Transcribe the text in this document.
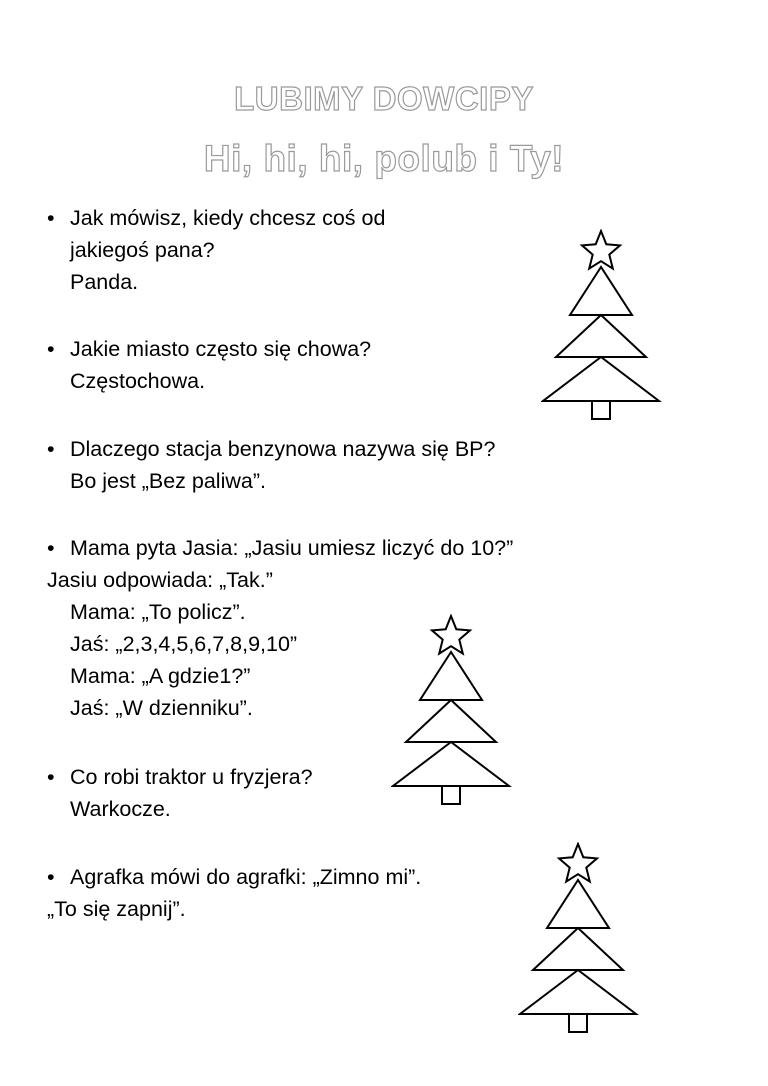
LUBIMY DOWCIPY
Hi, hi, hi, polub i Ty!
• Jak mówisz, kiedy chcesz coś od
jakiegoś pana?
Panda.
• Jakie miasto często się chowa?
Częstochowa.
• Dlaczego stacja benzynowa nazywa się BP?
Bo jest „Bez paliwa”.
• Mama pyta Jasia: „Jasiu umiesz liczyć do 10?”
Jasiu odpowiada: „Tak.”
Mama: „To policz”.
Jaś: „2,3,4,5,6,7,8,9,10”
Mama: „A gdzie1?”
Jaś: „W dzienniku”.
• Co robi traktor u fryzjera?
Warkocze.
• Agrafka mówi do agrafki: „Zimno mi”.
„To się zapnij”.
